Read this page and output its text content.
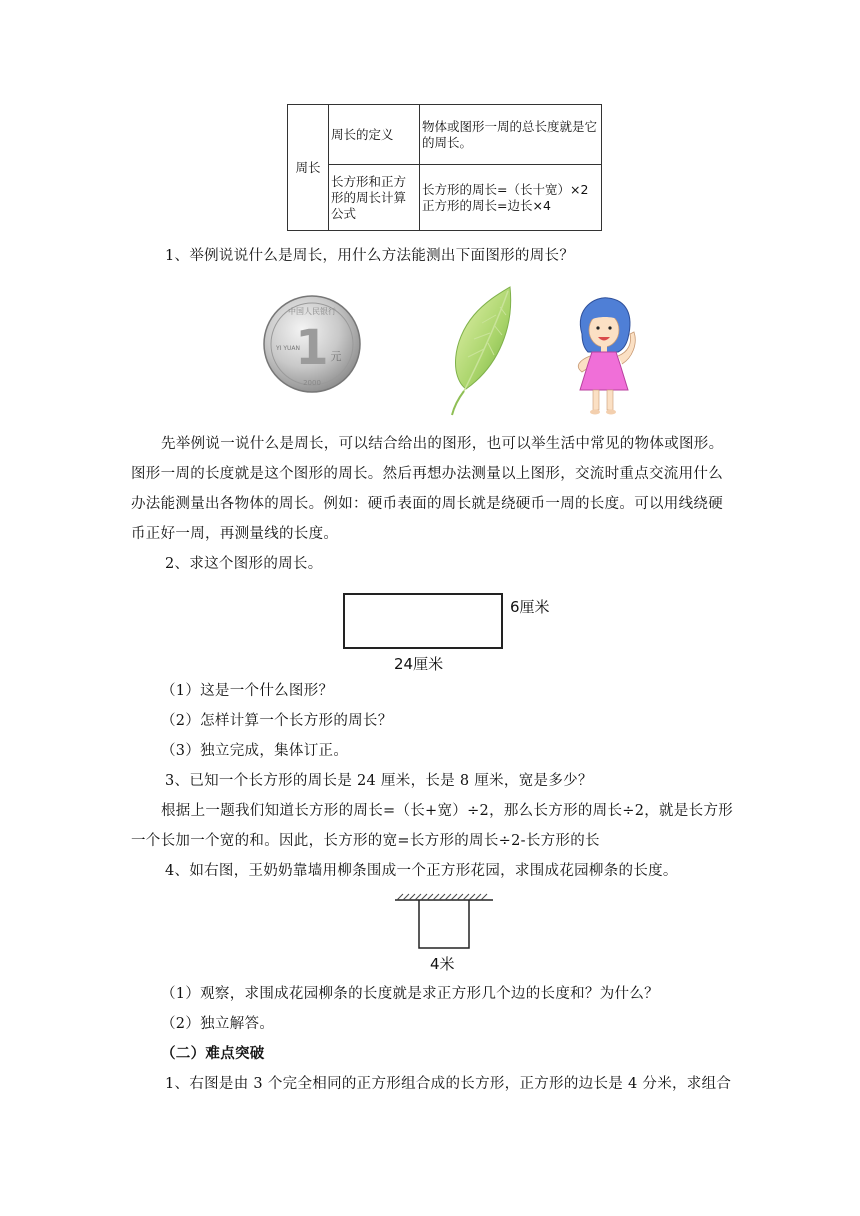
周长	周长的定义	物体或图形一周的总长度就是它的周长。
	长方形和正方形的周长计算公式	长方形的周长=（长十宽）×2
正方形的周长=边长×4
1、举例说说什么是周长，用什么方法能测出下面图形的周长？
1 元
YI YUAN
中国人民银行
2000
先举例说一说什么是周长，可以结合给出的图形，也可以举生活中常见的物体或图形。
图形一周的长度就是这个图形的周长。然后再想办法测量以上图形，交流时重点交流用什么
办法能测量出各物体的周长。例如：硬币表面的周长就是绕硬币一周的长度。可以用线绕硬
币正好一周，再测量线的长度。
2、求这个图形的周长。
6厘米
24厘米
（1）这是一个什么图形？
（2）怎样计算一个长方形的周长？
（3）独立完成，集体订正。
3、已知一个长方形的周长是 24 厘米，长是 8 厘米，宽是多少？
根据上一题我们知道长方形的周长=（长+宽）÷2，那么长方形的周长÷2，就是长方形
一个长加一个宽的和。因此，长方形的宽=长方形的周长÷2-长方形的长
4、如右图，王奶奶靠墙用柳条围成一个正方形花园，求围成花园柳条的长度。
4米
（1）观察，求围成花园柳条的长度就是求正方形几个边的长度和？为什么？
（2）独立解答。
（二）难点突破
1、右图是由 3 个完全相同的正方形组合成的长方形，正方形的边长是 4 分米，求组合
